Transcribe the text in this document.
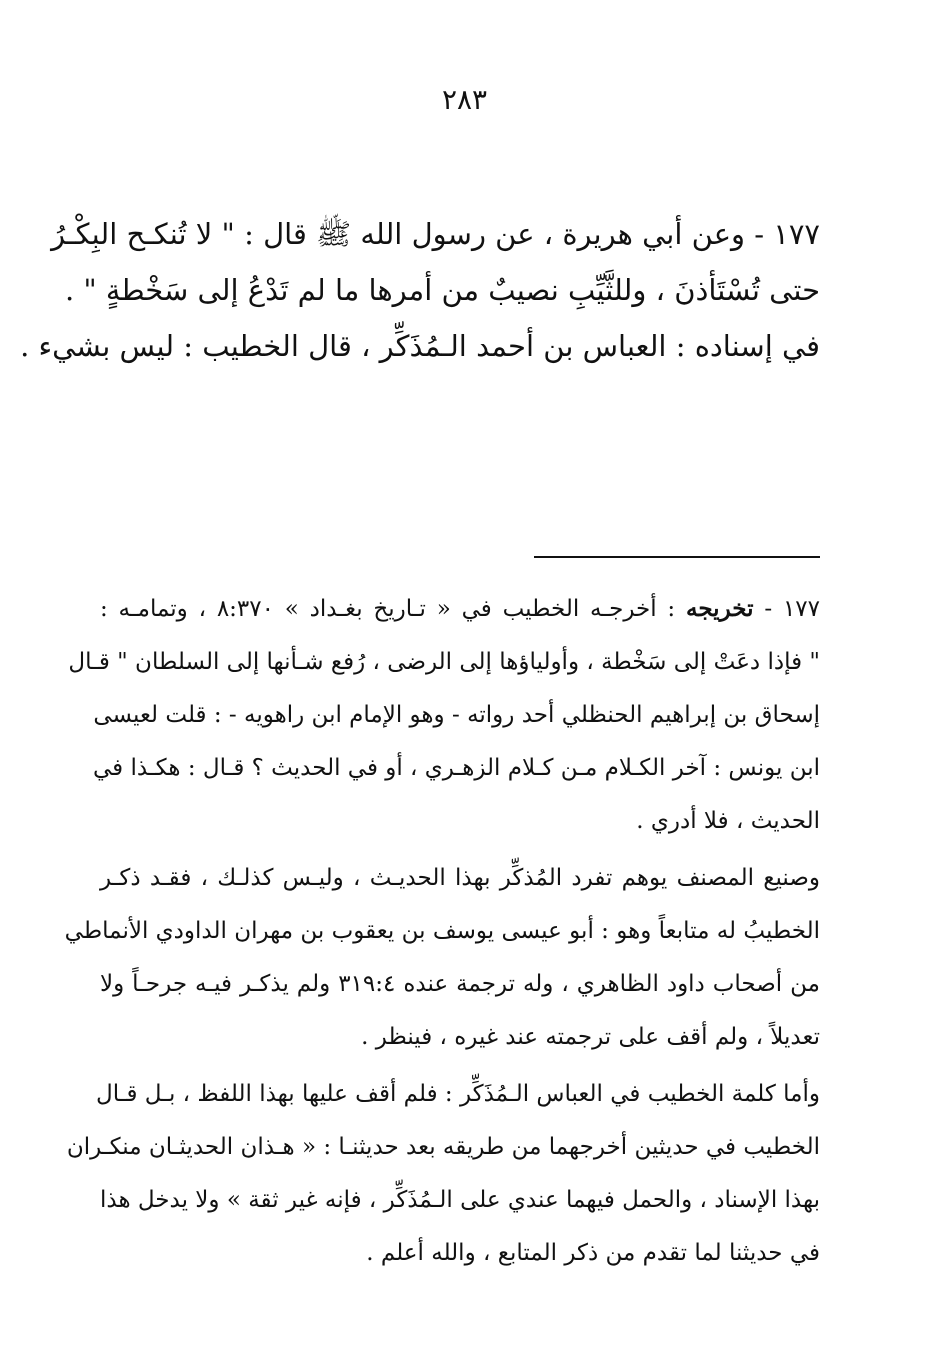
٢٨٣

١٧٧ - وعن أبي هريرة ، عن رسول الله ﷺ قال : " لا تُنكـح البِكْـرُ
حتى تُسْتَأذنَ ، وللثَّيِّبِ نصيبٌ من أمرها ما لم تَدْعُ إلى سَخْطةٍ " .

في إسناده : العباس بن أحمد الـمُذَكِّر ، قال الخطيب : ليس بشيء .

١٧٧ - تخريجه : أخرجـه الخطيب في « تـاريخ بغـداد » ٨:٣٧٠ ، وتمامـه :
" فإذا دعَتْ إلى سَخْطة ، وأولياؤها إلى الرضى ، رُفع شـأنها إلى السلطان " قـال
إسحاق بن إبراهيم الحنظلي أحد رواته - وهو الإمام ابن راهويه - : قلت لعيسى
ابن يونس : آخر الكـلام مـن كـلام الزهـري ، أو في الحديث ؟ قـال : هكـذا في
الحديث ، فلا أدري .

وصنيع المصنف يوهم تفرد المُذكِّر بهذا الحديـث ، وليـس كذلـك ، فقـد ذكـر
الخطيبُ له متابعاً وهو : أبو عيسى يوسف بن يعقوب بن مهران الداودي الأنماطي
من أصحاب داود الظاهري ، وله ترجمة عنده ٣١٩:٤ ولم يذكـر فيـه جرحـاً ولا
تعديلاً ، ولم أقف على ترجمته عند غيره ، فينظر .

وأما كلمة الخطيب في العباس الـمُذَكِّر : فلم أقف عليها بهذا اللفظ ، بـل قـال
الخطيب في حديثين أخرجهما من طريقه بعد حديثنـا : « هـذان الحديثـان منكـران
بهذا الإسناد ، والحمل فيهما عندي على الـمُذَكِّر ، فإنه غير ثقة » ولا يدخل هذا
في حديثنا لما تقدم من ذكر المتابع ، والله أعلم .
